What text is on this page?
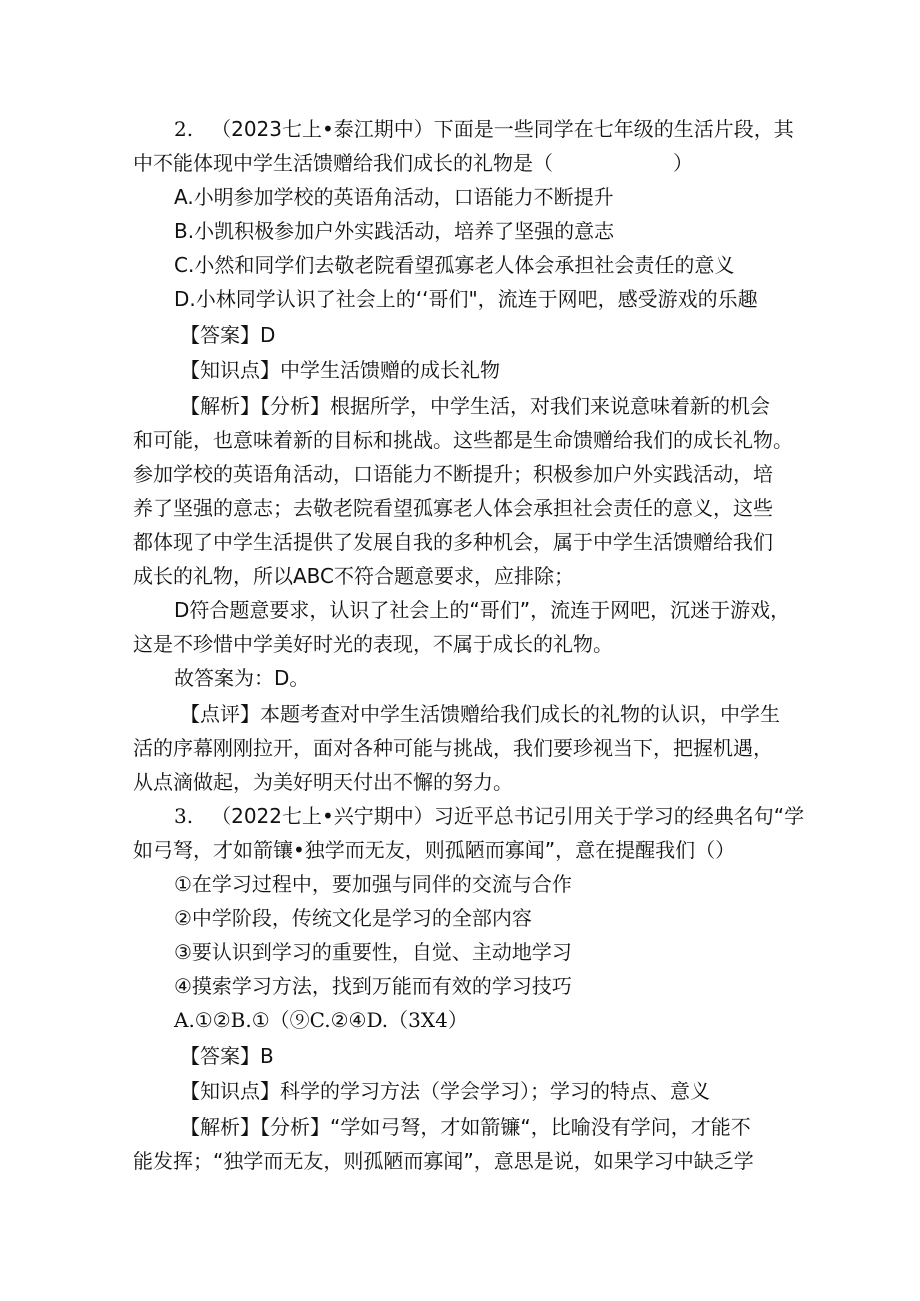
2. （2023七上•泰江期中）下面是一些同学在七年级的生活片段，其
中不能体现中学生活馈赠给我们成长的礼物是（　　　　　　）
A.小明参加学校的英语角活动，口语能力不断提升
B.小凯积极参加户外实践活动，培养了坚强的意志
C.小然和同学们去敬老院看望孤寡老人体会承担社会责任的意义
D.小林同学认识了社会上的‘‘哥们"，流连于网吧，感受游戏的乐趣
【答案】D
【知识点】中学生活馈赠的成长礼物
【解析】【分析】根据所学，中学生活，对我们来说意味着新的机会
和可能，也意味着新的目标和挑战。这些都是生命馈赠给我们的成长礼物。
参加学校的英语角活动，口语能力不断提升；积极参加户外实践活动，培
养了坚强的意志；去敬老院看望孤寡老人体会承担社会责任的意义，这些
都体现了中学生活提供了发展自我的多种机会，属于中学生活馈赠给我们
成长的礼物，所以ABC不符合题意要求，应排除；
D符合题意要求，认识了社会上的“哥们”，流连于网吧，沉迷于游戏，
这是不珍惜中学美好时光的表现，不属于成长的礼物。
故答案为：D。
【点评】本题考查对中学生活馈赠给我们成长的礼物的认识，中学生
活的序幕刚刚拉开，面对各种可能与挑战，我们要珍视当下，把握机遇，
从点滴做起，为美好明天付出不懈的努力。
3. （2022七上•兴宁期中）习近平总书记引用关于学习的经典名句“学
如弓弩，才如箭镶•独学而无友，则孤陋而寡闻”，意在提醒我们（）
①在学习过程中，要加强与同伴的交流与合作
②中学阶段，传统文化是学习的全部内容
③要认识到学习的重要性，自觉、主动地学习
④摸索学习方法，找到万能而有效的学习技巧
A.①②B.①（⑨C.②④D.（3X4）
【答案】B
【知识点】科学的学习方法（学会学习）；学习的特点、意义
【解析】【分析】“学如弓弩，才如箭镰“，比喻没有学问，才能不
能发挥；“独学而无友，则孤陋而寡闻”，意思是说，如果学习中缺乏学
